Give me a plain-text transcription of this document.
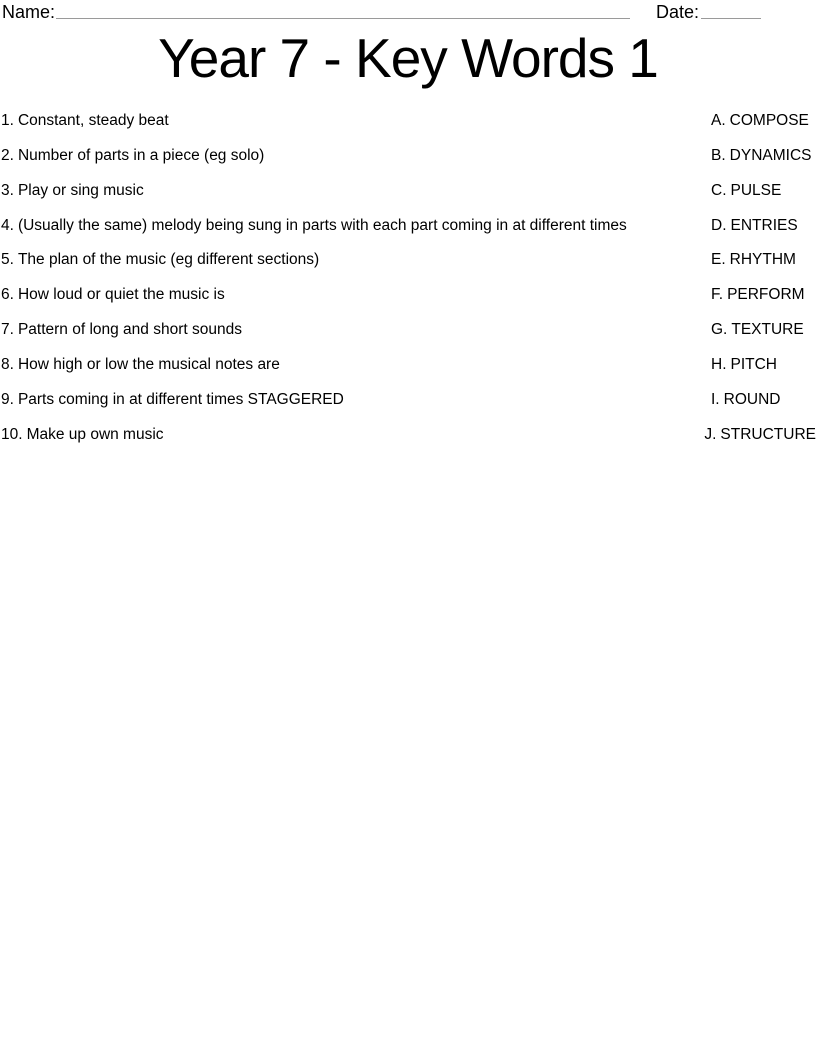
Name:	Date:
Year 7 - Key Words 1
1. Constant, steady beat	A. COMPOSE
2. Number of parts in a piece (eg solo)	B. DYNAMICS
3. Play or sing music	C. PULSE
4. (Usually the same) melody being sung in parts with each part coming in at different times	D. ENTRIES
5. The plan of the music (eg different sections)	E. RHYTHM
6. How loud or quiet the music is	F. PERFORM
7. Pattern of long and short sounds	G. TEXTURE
8. How high or low the musical notes are	H. PITCH
9. Parts coming in at different times STAGGERED	I. ROUND
10. Make up own music	J. STRUCTURE
